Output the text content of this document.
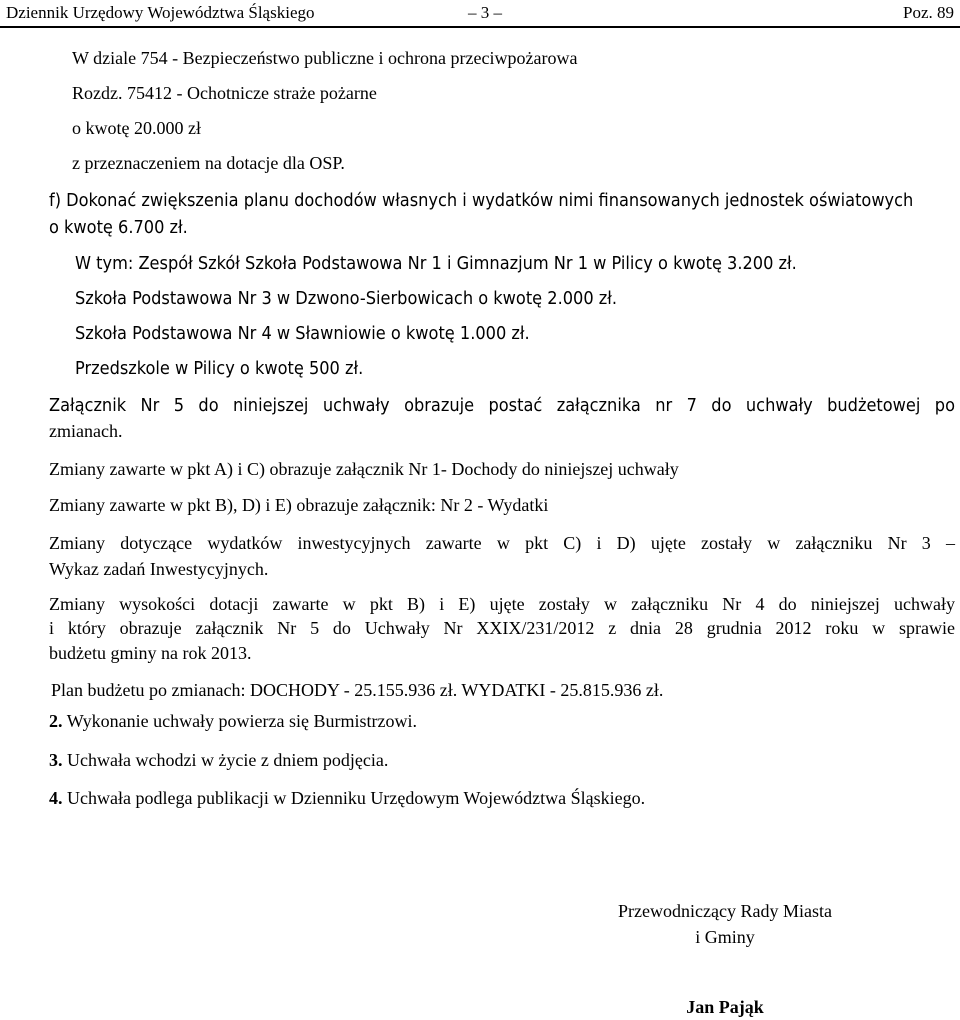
Dziennik Urzędowy Województwa Śląskiego	– 3 –	Poz. 89
W dziale 754 - Bezpieczeństwo publiczne i ochrona przeciwpożarowa
Rozdz. 75412 - Ochotnicze straże pożarne
o kwotę 20.000 zł
z przeznaczeniem na dotacje dla OSP.
f) Dokonać zwiększenia planu dochodów własnych i wydatków nimi finansowanych jednostek oświatowych
o kwotę 6.700 zł.
W tym: Zespół Szkół Szkoła Podstawowa Nr 1 i Gimnazjum Nr 1 w Pilicy o kwotę 3.200 zł.
Szkoła Podstawowa Nr 3 w Dzwono-Sierbowicach o kwotę 2.000 zł.
Szkoła Podstawowa Nr 4 w Sławniowie o kwotę 1.000 zł.
Przedszkole w Pilicy o kwotę 500 zł.
Załącznik Nr 5 do niniejszej uchwały obrazuje postać załącznika nr 7 do uchwały budżetowej po
zmianach.
Zmiany zawarte w pkt A) i C) obrazuje załącznik Nr 1- Dochody do niniejszej uchwały
Zmiany zawarte w pkt B), D) i E) obrazuje załącznik: Nr 2 - Wydatki
Zmiany dotyczące wydatków inwestycyjnych zawarte w pkt C) i D) ujęte zostały w załączniku Nr 3 –
Wykaz zadań Inwestycyjnych.
Zmiany wysokości dotacji zawarte w pkt B) i E) ujęte zostały w załączniku Nr 4 do niniejszej uchwały
i który obrazuje załącznik Nr 5 do Uchwały Nr XXIX/231/2012 z dnia 28 grudnia 2012 roku w sprawie
budżetu gminy na rok 2013.
Plan budżetu po zmianach: DOCHODY - 25.155.936 zł. WYDATKI - 25.815.936 zł.
2. Wykonanie uchwały powierza się Burmistrzowi.
3. Uchwała wchodzi w życie z dniem podjęcia.
4. Uchwała podlega publikacji w Dzienniku Urzędowym Województwa Śląskiego.
Przewodniczący Rady Miasta
i Gminy
Jan Pająk
